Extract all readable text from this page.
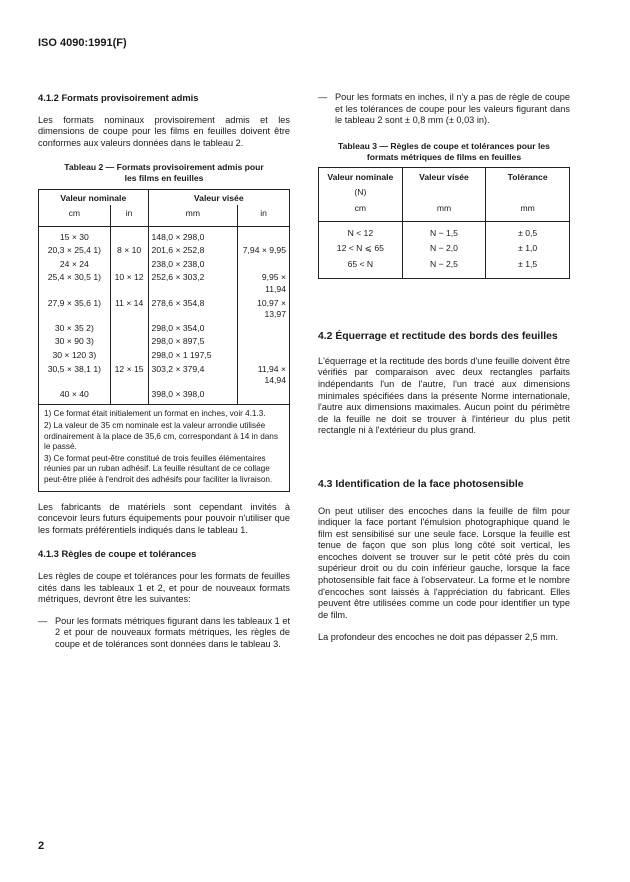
ISO 4090:1991(F)
4.1.2 Formats provisoirement admis

Les formats nominaux provisoirement admis et les dimensions de coupe pour les films en feuilles doivent être conformes aux valeurs données dans le tableau 2.

Tableau 2 — Formats provisoirement admis pour
les films en feuilles
Valeur nominale		Valeur visée	
cm	in	mm	in
15 × 30		148,0 × 298,0	
20,3 × 25,4 1)	8 × 10	201,6 × 252,8	7,94 × 9,95
24 × 24		238,0 × 238,0	
25,4 × 30,5 1)	10 × 12	252,6 × 303,2	9,95 × 11,94
27,9 × 35,6 1)	11 × 14	278,6 × 354,8	10,97 × 13,97
30 × 35 2)		298,0 × 354,0	
30 × 90 3)		298,0 × 897,5	
30 × 120 3)		298,0 × 1 197,5	
30,5 × 38,1 1)	12 × 15	303,2 × 379,4	11,94 × 14,94
40 × 40		398,0 × 398,0	

1) Ce format était initialement un format en inches, voir 4.1.3.

2) La valeur de 35 cm nominale est la valeur arrondie utilisée ordinairement à la place de 35,6 cm, correspondant à 14 in dans le passé.

3) Ce format peut-être constitué de trois feuilles élémentaires réunies par un ruban adhésif. La feuille résultant de ce collage peut-être pliée à l'endroit des adhésifs pour faciliter la livraison.			

Les fabricants de matériels sont cependant invités à concevoir leurs futurs équipements pour pouvoir n'utiliser que les formats préférentiels indiqués dans le tableau 1.

4.1.3 Règles de coupe et tolérances

Les règles de coupe et tolérances pour les formats de feuilles cités dans les tableaux 1 et 2, et pour de nouveaux formats métriques, devront être les suivantes:

— Pour les formats métriques figurant dans les tableaux 1 et 2 et pour de nouveaux formats métriques, les règles de coupe et de tolérances sont données dans le tableau 3.
— Pour les formats en inches, il n'y a pas de règle de coupe et les tolérances de coupe pour les valeurs figurant dans le tableau 2 sont ± 0,8 mm (± 0,03 in).
Tableau 3 — Règles de coupe et tolérances pour les
formats métriques de films en feuilles
Valeur nominale
(N)	Valeur visée	Tolérance
cm	mm	mm
N < 12	N − 1,5	± 0,5
12 < N ⩽ 65	N − 2,0	± 1,0
65 < N	N − 2,5	± 1,5
4.2 Équerrage et rectitude des bords des feuilles

L'équerrage et la rectitude des bords d'une feuille doivent être vérifiés par comparaison avec deux rectangles parfaits indépendants l'un de l'autre, l'un tracé aux dimensions minimales spécifiées dans la présente Norme internationale, l'autre aux dimensions maximales. Aucun point du périmètre de la feuille ne doit se trouver à l'intérieur du plus petit rectangle ni à l'extérieur du plus grand.

4.3 Identification de la face photosensible

On peut utiliser des encoches dans la feuille de film pour indiquer la face portant l'émulsion photographique quand le film est sensibilisé sur une seule face. Lorsque la feuille est tenue de façon que son plus long côté soit vertical, les encoches doivent se trouver sur le petit côté près du coin supérieur droit ou du coin inférieur gauche, lorsque la face photosensible fait face à l'observateur. La forme et le nombre d'encoches sont laissés à l'appréciation du fabricant. Elles peuvent être utilisées comme un code pour identifier un type de film.

La profondeur des encoches ne doit pas dépasser 2,5 mm.

2
